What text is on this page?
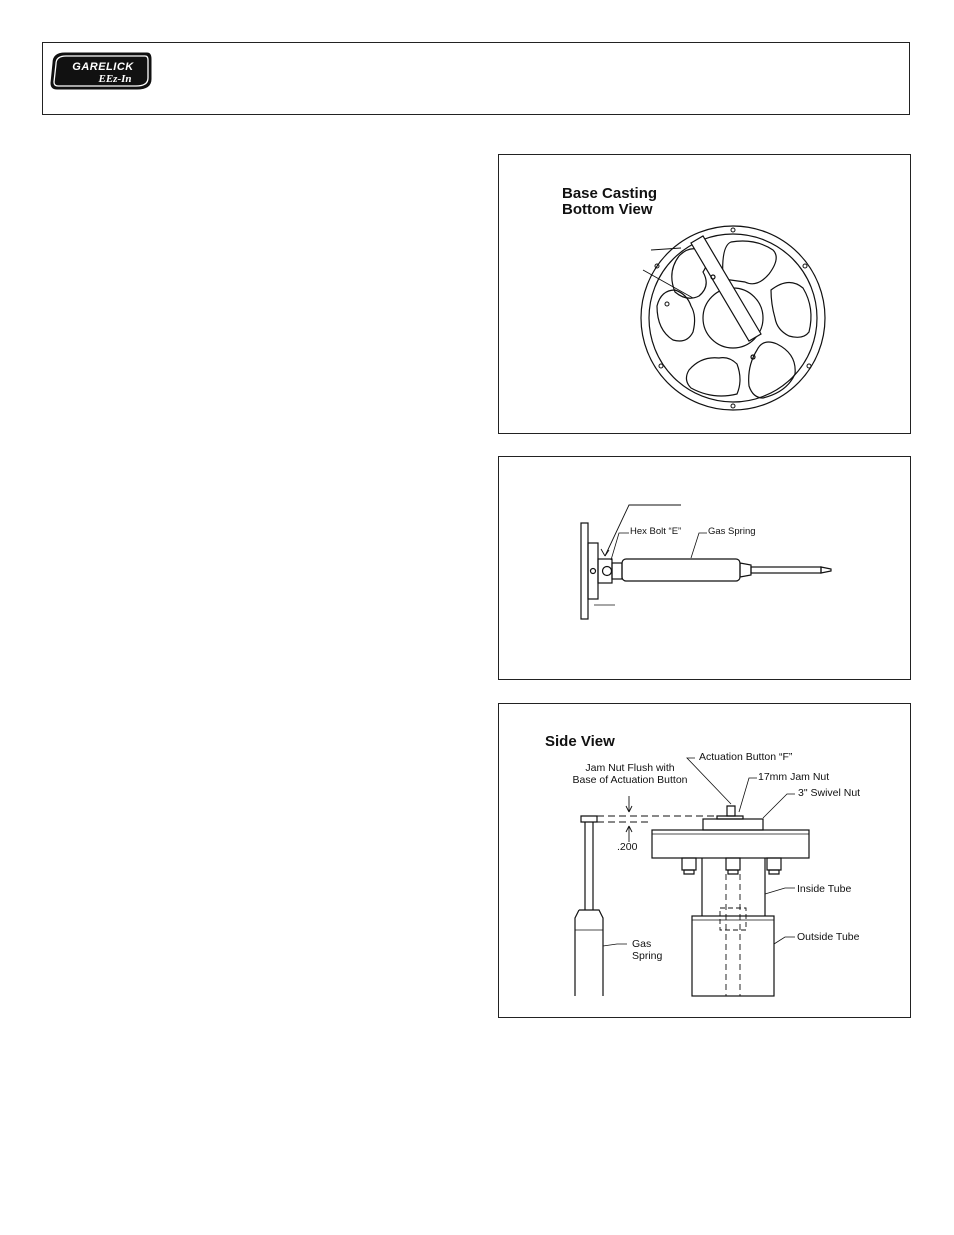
GARELICK
EEz-In
Base Casting
Bottom View
Hex Bolt “E”	Gas Spring
Side View
Jam Nut Flush with
Base of Actuation Button
Actuation Button “F”
17mm Jam Nut
3" Swivel Nut
.200
Inside Tube
Outside Tube
Gas
Spring
